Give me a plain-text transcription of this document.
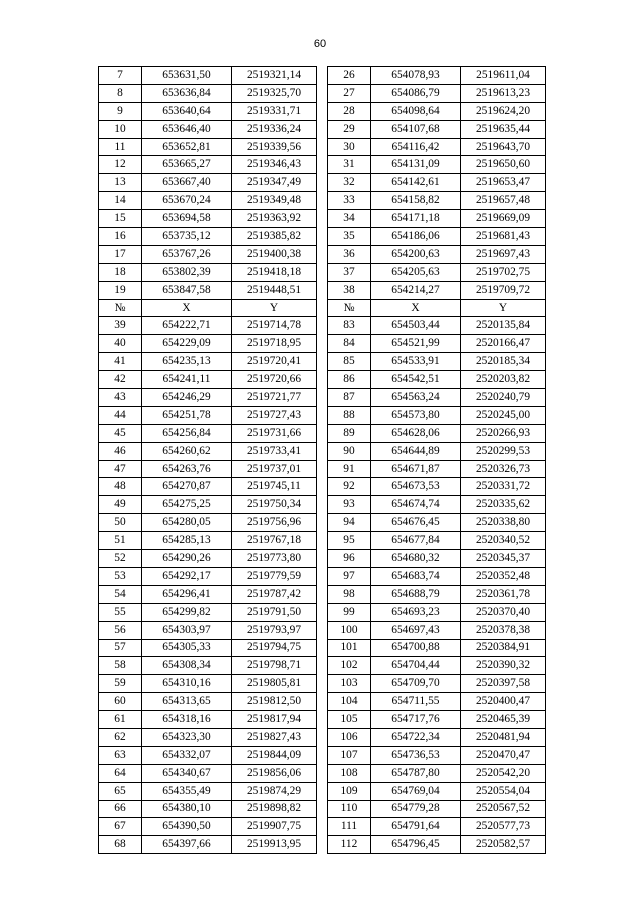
60
7	653631,50	2519321,14		26	654078,93	2519611,04
8	653636,84	2519325,70		27	654086,79	2519613,23
9	653640,64	2519331,71		28	654098,64	2519624,20
10	653646,40	2519336,24		29	654107,68	2519635,44
11	653652,81	2519339,56		30	654116,42	2519643,70
12	653665,27	2519346,43		31	654131,09	2519650,60
13	653667,40	2519347,49		32	654142,61	2519653,47
14	653670,24	2519349,48		33	654158,82	2519657,48
15	653694,58	2519363,92		34	654171,18	2519669,09
16	653735,12	2519385,82		35	654186,06	2519681,43
17	653767,26	2519400,38		36	654200,63	2519697,43
18	653802,39	2519418,18		37	654205,63	2519702,75
19	653847,58	2519448,51		38	654214,27	2519709,72
№	X	Y		№	X	Y
39	654222,71	2519714,78		83	654503,44	2520135,84
40	654229,09	2519718,95		84	654521,99	2520166,47
41	654235,13	2519720,41		85	654533,91	2520185,34
42	654241,11	2519720,66		86	654542,51	2520203,82
43	654246,29	2519721,77		87	654563,24	2520240,79
44	654251,78	2519727,43		88	654573,80	2520245,00
45	654256,84	2519731,66		89	654628,06	2520266,93
46	654260,62	2519733,41		90	654644,89	2520299,53
47	654263,76	2519737,01		91	654671,87	2520326,73
48	654270,87	2519745,11		92	654673,53	2520331,72
49	654275,25	2519750,34		93	654674,74	2520335,62
50	654280,05	2519756,96		94	654676,45	2520338,80
51	654285,13	2519767,18		95	654677,84	2520340,52
52	654290,26	2519773,80		96	654680,32	2520345,37
53	654292,17	2519779,59		97	654683,74	2520352,48
54	654296,41	2519787,42		98	654688,79	2520361,78
55	654299,82	2519791,50		99	654693,23	2520370,40
56	654303,97	2519793,97		100	654697,43	2520378,38
57	654305,33	2519794,75		101	654700,88	2520384,91
58	654308,34	2519798,71		102	654704,44	2520390,32
59	654310,16	2519805,81		103	654709,70	2520397,58
60	654313,65	2519812,50		104	654711,55	2520400,47
61	654318,16	2519817,94		105	654717,76	2520465,39
62	654323,30	2519827,43		106	654722,34	2520481,94
63	654332,07	2519844,09		107	654736,53	2520470,47
64	654340,67	2519856,06		108	654787,80	2520542,20
65	654355,49	2519874,29		109	654769,04	2520554,04
66	654380,10	2519898,82		110	654779,28	2520567,52
67	654390,50	2519907,75		111	654791,64	2520577,73
68	654397,66	2519913,95		112	654796,45	2520582,57
